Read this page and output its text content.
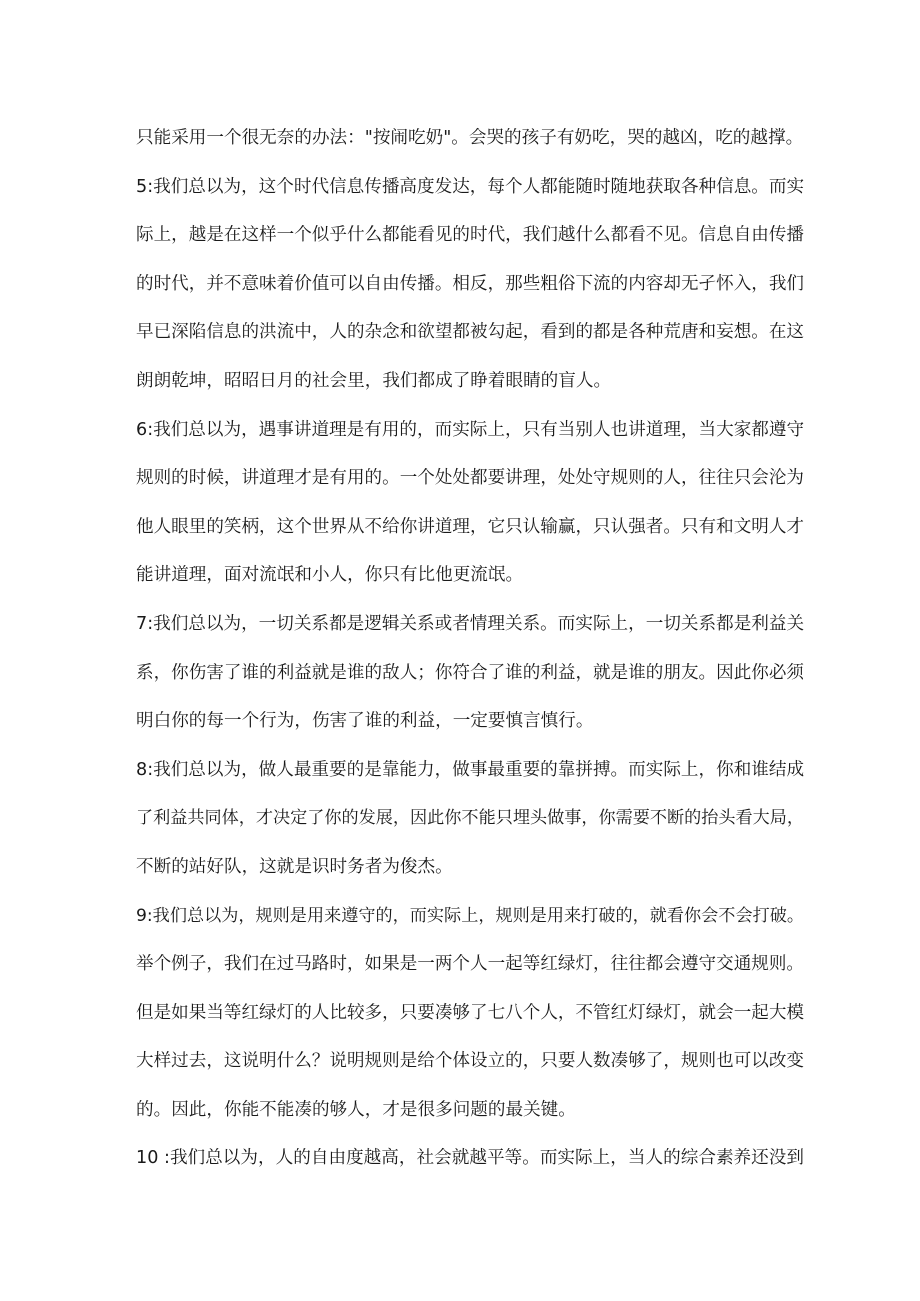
只能采用一个很无奈的办法："按闹吃奶"。会哭的孩子有奶吃，哭的越凶，吃的越撑。
5:我们总以为，这个时代信息传播高度发达，每个人都能随时随地获取各种信息。而实
际上，越是在这样一个似乎什么都能看见的时代，我们越什么都看不见。信息自由传播
的时代，并不意味着价值可以自由传播。相反，那些粗俗下流的内容却无孑怀入，我们
早已深陷信息的洪流中，人的杂念和欲望都被勾起，看到的都是各种荒唐和妄想。在这
朗朗乾坤，昭昭日月的社会里，我们都成了睁着眼睛的盲人。
6:我们总以为，遇事讲道理是有用的，而实际上，只有当别人也讲道理，当大家都遵守
规则的时候，讲道理才是有用的。一个处处都要讲理，处处守规则的人，往往只会沦为
他人眼里的笑柄，这个世界从不给你讲道理，它只认输赢，只认强者。只有和文明人才
能讲道理，面对流氓和小人，你只有比他更流氓。
7:我们总以为，一切关系都是逻辑关系或者情理关系。而实际上，一切关系都是利益关
系，你伤害了谁的利益就是谁的敌人；你符合了谁的利益，就是谁的朋友。因此你必须
明白你的每一个行为，伤害了谁的利益，一定要慎言慎行。
8:我们总以为，做人最重要的是靠能力，做事最重要的靠拼搏。而实际上，你和谁结成
了利益共同体，才决定了你的发展，因此你不能只埋头做事，你需要不断的抬头看大局，
不断的站好队，这就是识时务者为俊杰。
9:我们总以为，规则是用来遵守的，而实际上，规则是用来打破的，就看你会不会打破。
举个例子，我们在过马路时，如果是一两个人一起等红绿灯，往往都会遵守交通规则。
但是如果当等红绿灯的人比较多，只要凑够了七八个人，不管红灯绿灯，就会一起大模
大样过去，这说明什么？说明规则是给个体设立的，只要人数凑够了，规则也可以改变
的。因此，你能不能凑的够人，才是很多问题的最关键。
10 :我们总以为，人的自由度越高，社会就越平等。而实际上，当人的综合素养还没到
